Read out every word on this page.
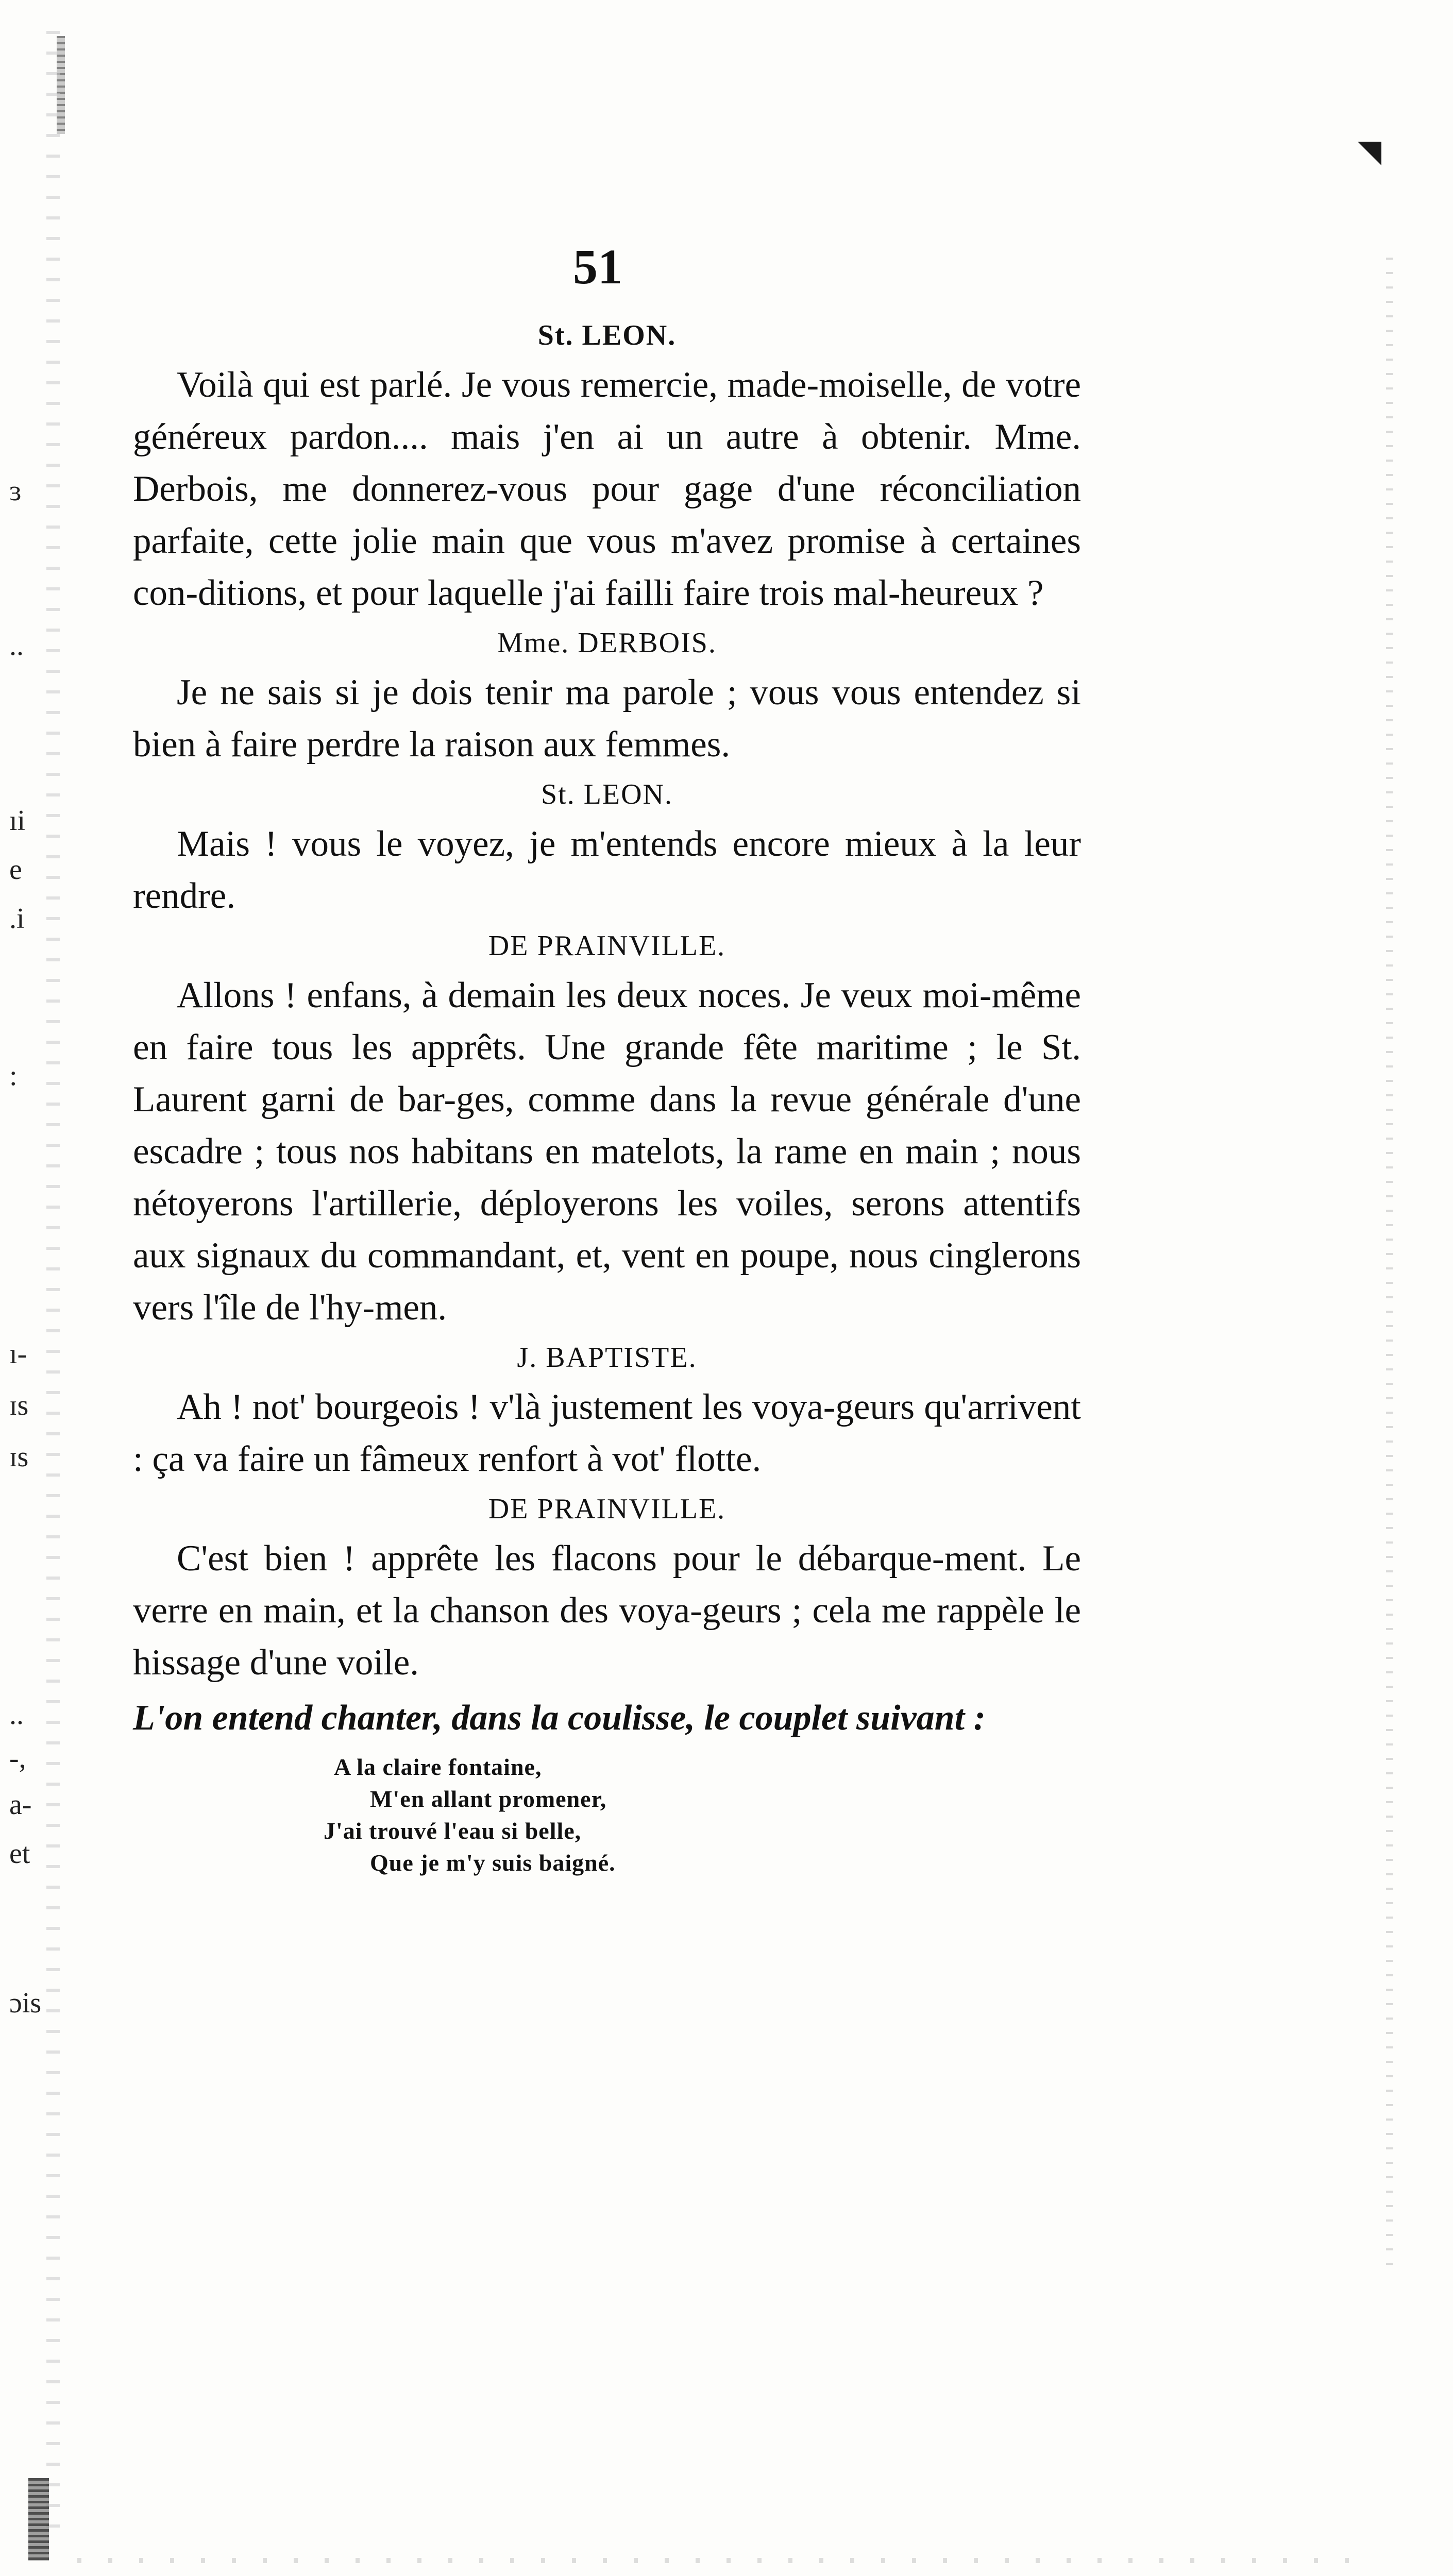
ɜ
..
ıi
e
.i
:
ı-
ɪs
ɪs
..
-,
a-
et
ɔis
51

St. LEON.

Voilà qui est parlé. Je vous remercie, made-moiselle, de votre généreux pardon.... mais j'en ai un autre à obtenir. Mme. Derbois, me donnerez-vous pour gage d'une réconciliation parfaite, cette jolie main que vous m'avez promise à certaines con-ditions, et pour laquelle j'ai failli faire trois mal-heureux ?

Mme. DERBOIS.

Je ne sais si je dois tenir ma parole ; vous vous entendez si bien à faire perdre la raison aux femmes.

St. LEON.

Mais ! vous le voyez, je m'entends encore mieux à la leur rendre.

DE PRAINVILLE.

Allons ! enfans, à demain les deux noces. Je veux moi-même en faire tous les apprêts. Une grande fête maritime ; le St. Laurent garni de bar-ges, comme dans la revue générale d'une escadre ; tous nos habitans en matelots, la rame en main ; nous nétoyerons l'artillerie, déployerons les voiles, serons attentifs aux signaux du commandant, et, vent en poupe, nous cinglerons vers l'île de l'hy-men.

J. BAPTISTE.

Ah ! not' bourgeois ! v'là justement les voya-geurs qu'arrivent : ça va faire un fâmeux renfort à vot' flotte.

DE PRAINVILLE.

C'est bien ! apprête les flacons pour le débarque-ment. Le verre en main, et la chanson des voya-geurs ; cela me rappèle le hissage d'une voile.

L'on entend chanter, dans la coulisse, le couplet suivant :

A la claire fontaine,
M'en allant promener,
J'ai trouvé l'eau si belle,
Que je m'y suis baigné.
